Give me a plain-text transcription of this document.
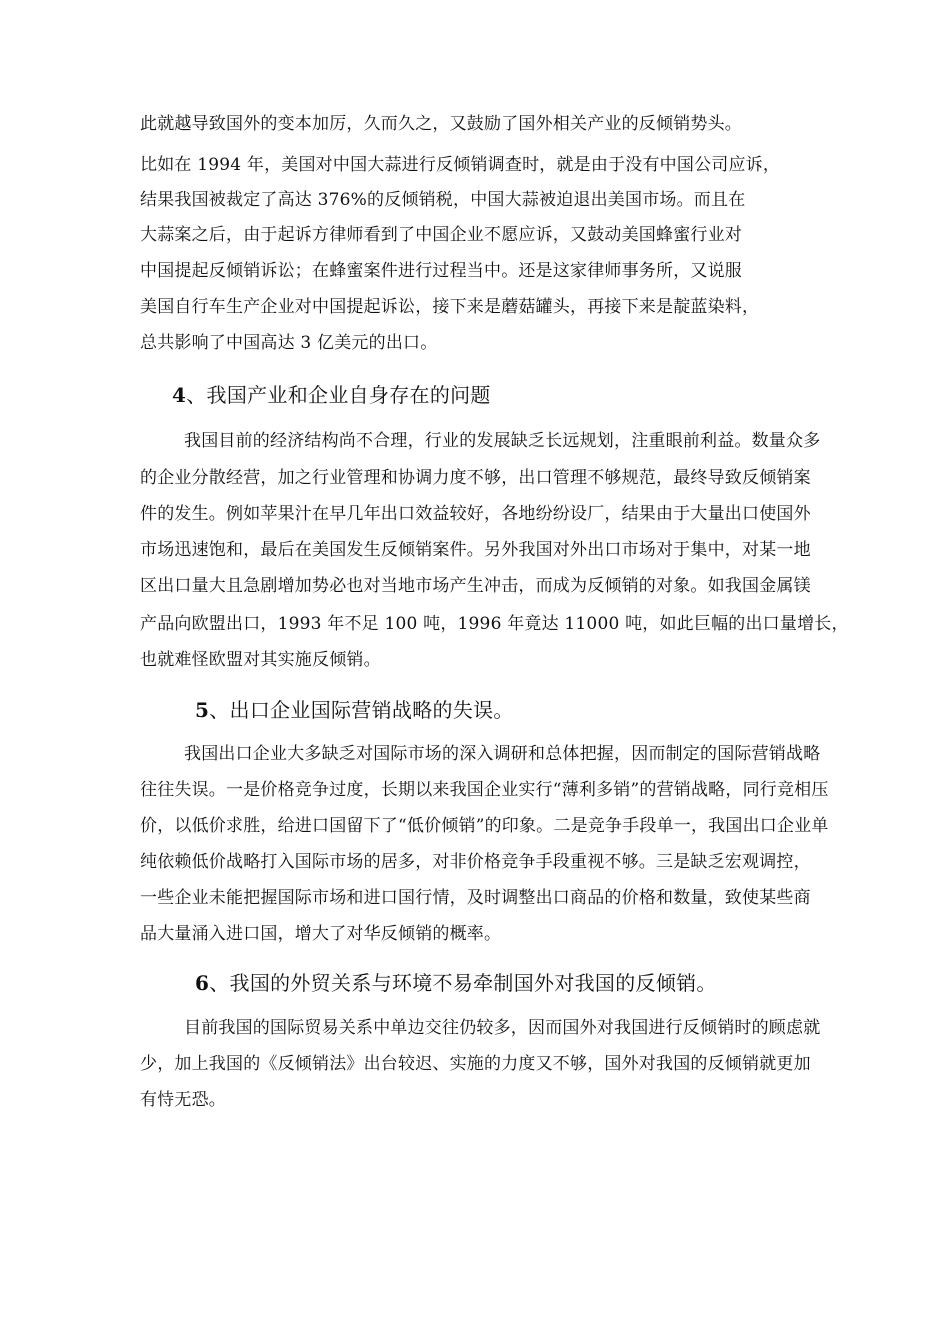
此就越导致国外的变本加厉，久而久之，又鼓励了国外相关产业的反倾销势头。
比如在 1994 年，美国对中国大蒜进行反倾销调查时，就是由于没有中国公司应诉，
结果我国被裁定了高达 376%的反倾销税，中国大蒜被迫退出美国市场。而且在
大蒜案之后，由于起诉方律师看到了中国企业不愿应诉，又鼓动美国蜂蜜行业对
中国提起反倾销诉讼；在蜂蜜案件进行过程当中。还是这家律师事务所，又说服
美国自行车生产企业对中国提起诉讼，接下来是蘑菇罐头，再接下来是靛蓝染料，
总共影响了中国高达 3 亿美元的出口。
4、我国产业和企业自身存在的问题
我国目前的经济结构尚不合理，行业的发展缺乏长远规划，注重眼前利益。数量众多
的企业分散经营，加之行业管理和协调力度不够，出口管理不够规范，最终导致反倾销案
件的发生。例如苹果汁在早几年出口效益较好，各地纷纷设厂，结果由于大量出口使国外
市场迅速饱和，最后在美国发生反倾销案件。另外我国对外出口市场对于集中，对某一地
区出口量大且急剧增加势必也对当地市场产生冲击，而成为反倾销的对象。如我国金属镁
产品向欧盟出口，1993 年不足 100 吨，1996 年竟达 11000 吨，如此巨幅的出口量增长，
也就难怪欧盟对其实施反倾销。
5、出口企业国际营销战略的失误。
我国出口企业大多缺乏对国际市场的深入调研和总体把握，因而制定的国际营销战略
往往失误。一是价格竞争过度，长期以来我国企业实行“薄利多销”的营销战略，同行竞相压
价，以低价求胜，给进口国留下了“低价倾销”的印象。二是竞争手段单一，我国出口企业单
纯依赖低价战略打入国际市场的居多，对非价格竞争手段重视不够。三是缺乏宏观调控，
一些企业未能把握国际市场和进口国行情，及时调整出口商品的价格和数量，致使某些商
品大量涌入进口国，增大了对华反倾销的概率。
6、我国的外贸关系与环境不易牵制国外对我国的反倾销。
目前我国的国际贸易关系中单边交往仍较多，因而国外对我国进行反倾销时的顾虑就
少，加上我国的《反倾销法》出台较迟、实施的力度又不够，国外对我国的反倾销就更加
有恃无恐。
